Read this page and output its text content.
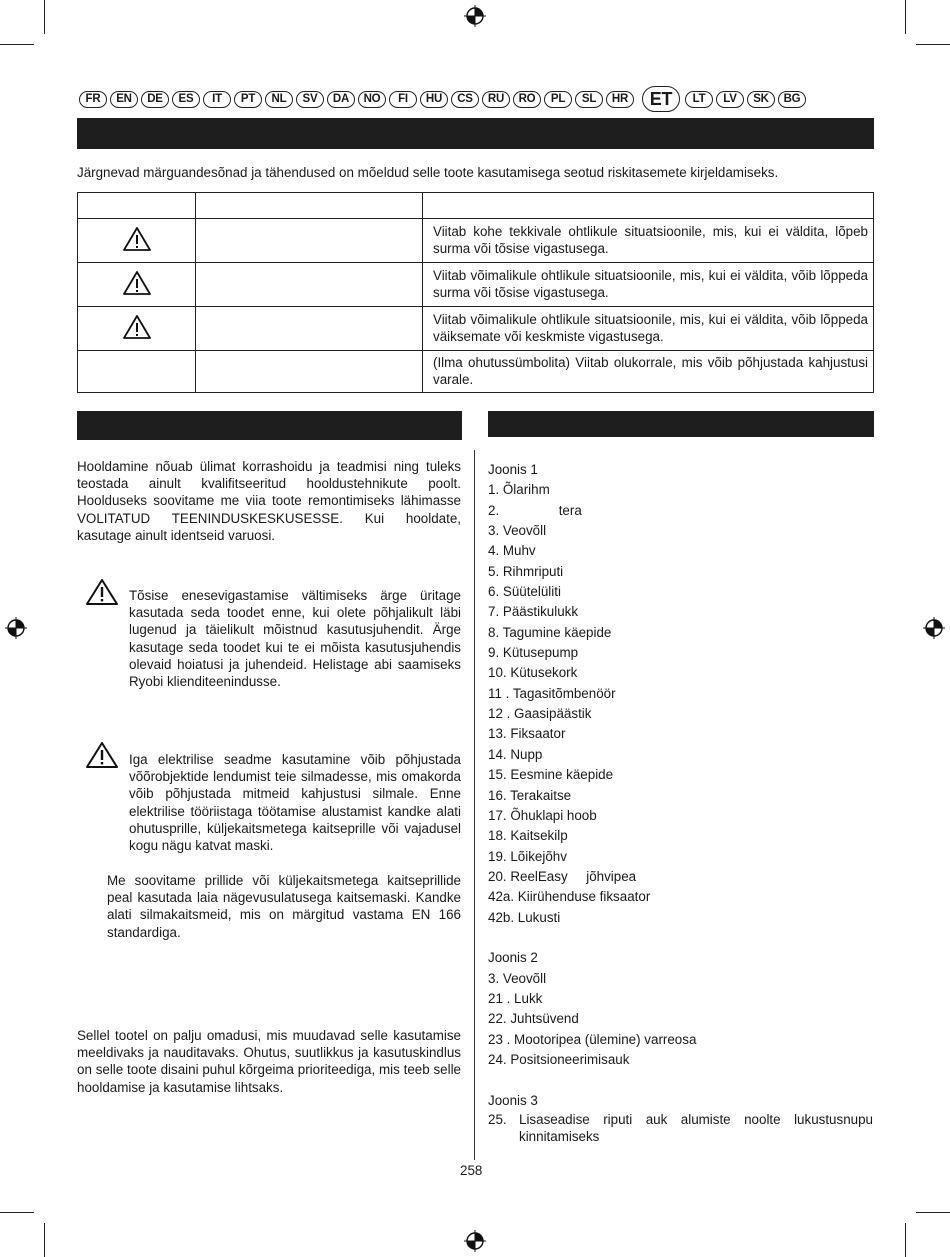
FR	EN	DE	ES	IT	PT	NL	SV	DA	NO	FI	HU	CS	RU	RO	PL	SL	HR	ET	LT	LV	SK	BG
Järgnevad märguandesõnad ja tähendused on mõeldud selle toote kasutamisega seotud riskitasemete kirjeldamiseks.

		Viitab kohe tekkivale ohtlikule situatsioonile, mis, kui ei väldita, lõpeb surma või tõsise vigastusega.
		Viitab võimalikule ohtlikule situatsioonile, mis, kui ei väldita, võib lõppeda surma või tõsise vigastusega.
		Viitab võimalikule ohtlikule situatsioonile, mis, kui ei väldita, võib lõppeda väiksemate või keskmiste vigastusega.
		(Ilma ohutussümbolita) Viitab olukorrale, mis võib põhjustada kahjustusi varale.
Hooldamine nõuab ülimat korrashoidu ja teadmisi ning tuleks teostada ainult kvalifitseeritud hooldustehnikute poolt. Hoolduseks soovitame me viia toote remontimiseks lähimasse VOLITATUD TEENINDUSKESKUSESSE. Kui hooldate, kasutage ainult identseid varuosi.
Tõsise enesevigastamise vältimiseks ärge üritage kasutada seda toodet enne, kui olete põhjalikult läbi lugenud ja täielikult mõistnud kasutusjuhendit. Ärge kasutage seda toodet kui te ei mõista kasutusjuhendis olevaid hoiatusi ja juhendeid. Helistage abi saamiseks Ryobi klienditeenindusse.
Iga elektrilise seadme kasutamine võib põhjustada võõrobjektide lendumist teie silmadesse, mis omakorda võib põhjustada mitmeid kahjustusi silmale. Enne elektrilise tööriistaga töötamise alustamist kandke alati ohutusprille, küljekaitsmetega kaitseprille või vajadusel kogu nägu katvat maski.
Me soovitame prillide või küljekaitsmetega kaitseprillide peal kasutada laia nägevusulatusega kaitsemaski. Kandke alati silmakaitsmeid, mis on märgitud vastama EN 166 standardiga.
Sellel tootel on palju omadusi, mis muudavad selle kasutamise meeldivaks ja nauditavaks. Ohutus, suutlikkus ja kasutuskindlus on selle toote disaini puhul kõrgeima prioriteediga, mis teeb selle hooldamise ja kasutamise lihtsaks.
Joonis 1
1. Õlarihm
2.                tera
3. Veovõll
4. Muhv
5. Rihmriputi
6. Süütelüliti
7. Päästikulukk
8. Tagumine käepide
9. Kütusepump
10. Kütusekork
11 . Tagasitõmbenöör
12 . Gaasipäästik
13. Fiksaator
14. Nupp
15. Eesmine käepide
16. Terakaitse
17. Õhuklapi hoob
18. Kaitsekilp
19. Lõikejõhv
20. ReelEasy     jõhvipea
42a. Kiirühenduse fiksaator
42b. Lukusti
Joonis 2
3. Veovõll
21 . Lukk
22. Juhtsüvend
23 . Mootoripea (ülemine) varreosa
24. Positsioneerimisauk
Joonis 3
25. Lisaseadise riputi auk alumiste noolte lukustusnupu kinnitamiseks
258
